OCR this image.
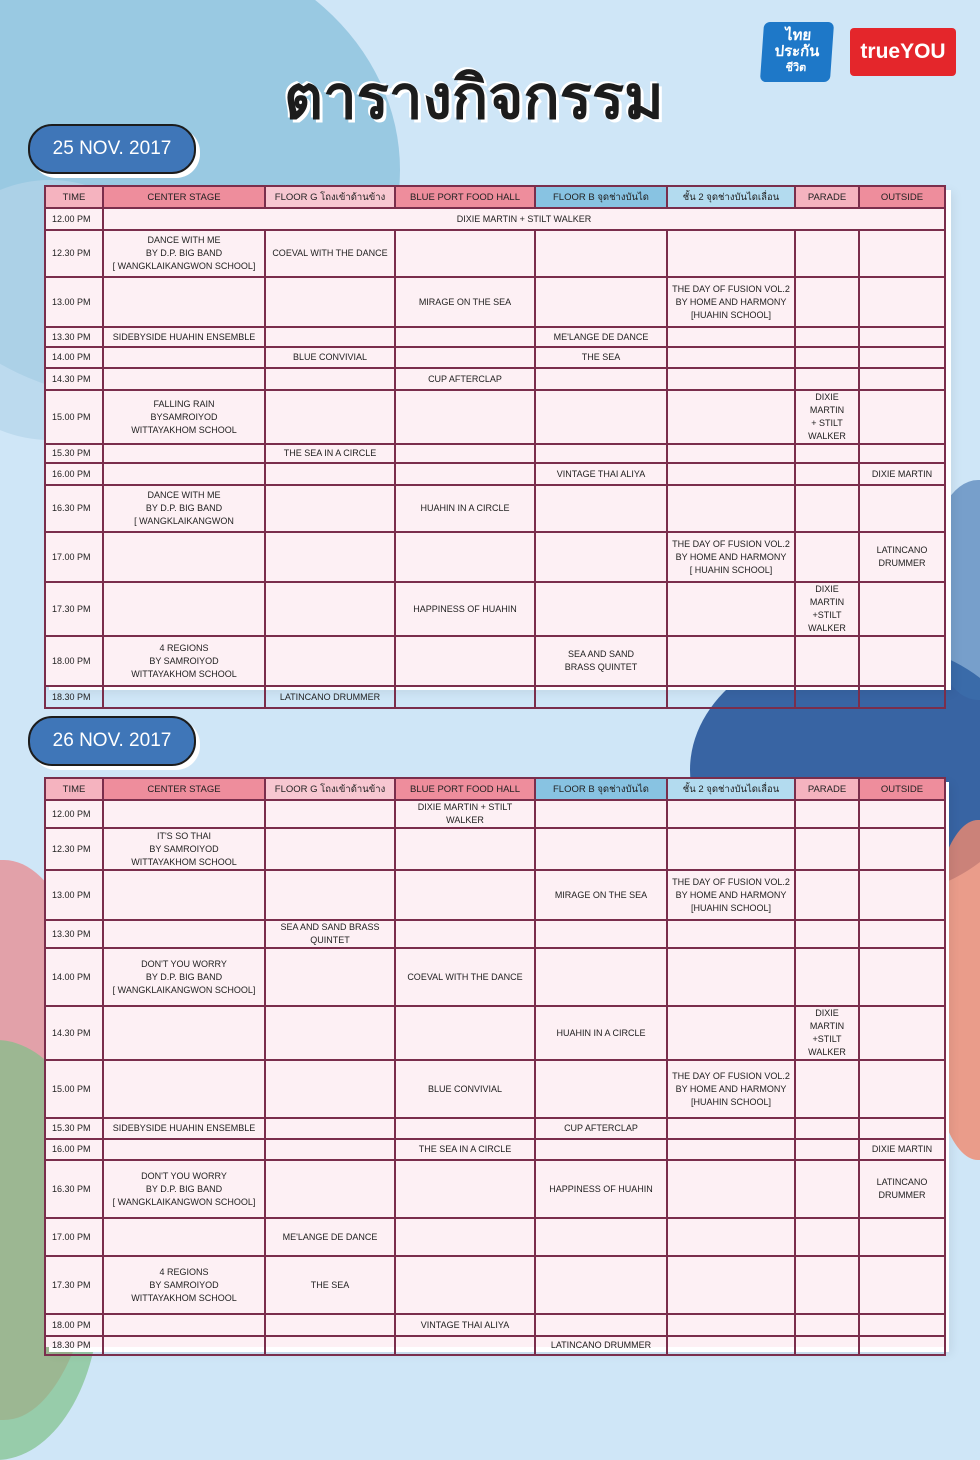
ไทย
ประกัน
ชีวิต
trueYOU
ตารางกิจกรรม
25 NOV. 2017
TIME	CENTER STAGE	FLOOR G โถงเข้าด้านข้าง	BLUE PORT FOOD HALL	FLOOR B จุดช่างบันได	ชั้น 2 จุดช่างบันไดเลื่อน	PARADE	OUTSIDE
12.00 PM	DIXIE MARTIN + STILT WALKER						
12.30 PM	DANCE WITH ME
BY D.P. BIG BAND
[ WANGKLAIKANGWON SCHOOL]	COEVAL WITH THE DANCE					
13.00 PM			MIRAGE ON THE SEA		THE DAY OF FUSION VOL.2
BY HOME AND HARMONY
[HUAHIN SCHOOL]		
13.30 PM	SIDEBYSIDE HUAHIN ENSEMBLE			ME'LANGE DE DANCE			
14.00 PM		BLUE CONVIVIAL		THE SEA			
14.30 PM			CUP AFTERCLAP				
15.00 PM	FALLING RAIN
BYSAMROIYOD
WITTAYAKHOM SCHOOL					DIXIE MARTIN
+ STILT WALKER	
15.30 PM		THE SEA IN A CIRCLE					
16.00 PM				VINTAGE THAI ALIYA			DIXIE MARTIN
16.30 PM	DANCE WITH ME
BY D.P. BIG BAND
[ WANGKLAIKANGWON		HUAHIN IN A CIRCLE				
17.00 PM					THE DAY OF FUSION VOL.2
BY HOME AND HARMONY
[ HUAHIN SCHOOL]		LATINCANO
DRUMMER
17.30 PM			HAPPINESS OF HUAHIN			DIXIE MARTIN
+STILT WALKER	
18.00 PM	4 REGIONS
BY SAMROIYOD
WITTAYAKHOM SCHOOL			SEA AND SAND
BRASS QUINTET			
18.30 PM		LATINCANO DRUMMER					
26 NOV. 2017
TIME	CENTER STAGE	FLOOR G โถงเข้าด้านข้าง	BLUE PORT FOOD HALL	FLOOR B จุดช่างบันได	ชั้น 2 จุดช่างบันไดเลื่อน	PARADE	OUTSIDE
12.00 PM			DIXIE MARTIN + STILT WALKER				
12.30 PM	IT'S SO THAI
BY SAMROIYOD
WITTAYAKHOM SCHOOL						
13.00 PM				MIRAGE ON THE SEA	THE DAY OF FUSION VOL.2
BY HOME AND HARMONY
[HUAHIN SCHOOL]		
13.30 PM		SEA AND SAND BRASS QUINTET					
14.00 PM	DON'T YOU WORRY
BY D.P. BIG BAND
[ WANGKLAIKANGWON SCHOOL]		COEVAL WITH THE DANCE				
14.30 PM				HUAHIN IN A CIRCLE		DIXIE MARTIN
+STILT WALKER	
15.00 PM			BLUE CONVIVIAL		THE DAY OF FUSION VOL.2
BY HOME AND HARMONY
[HUAHIN SCHOOL]		
15.30 PM	SIDEBYSIDE HUAHIN ENSEMBLE			CUP AFTERCLAP			
16.00 PM			THE SEA IN A CIRCLE				DIXIE MARTIN
16.30 PM	DON'T YOU WORRY
BY D.P. BIG BAND
[ WANGKLAIKANGWON SCHOOL]			HAPPINESS OF HUAHIN			LATINCANO
DRUMMER
17.00 PM		ME'LANGE DE DANCE					
17.30 PM	4 REGIONS
BY SAMROIYOD
WITTAYAKHOM SCHOOL	THE SEA					
18.00 PM			VINTAGE THAI ALIYA				
18.30 PM				LATINCANO DRUMMER			
